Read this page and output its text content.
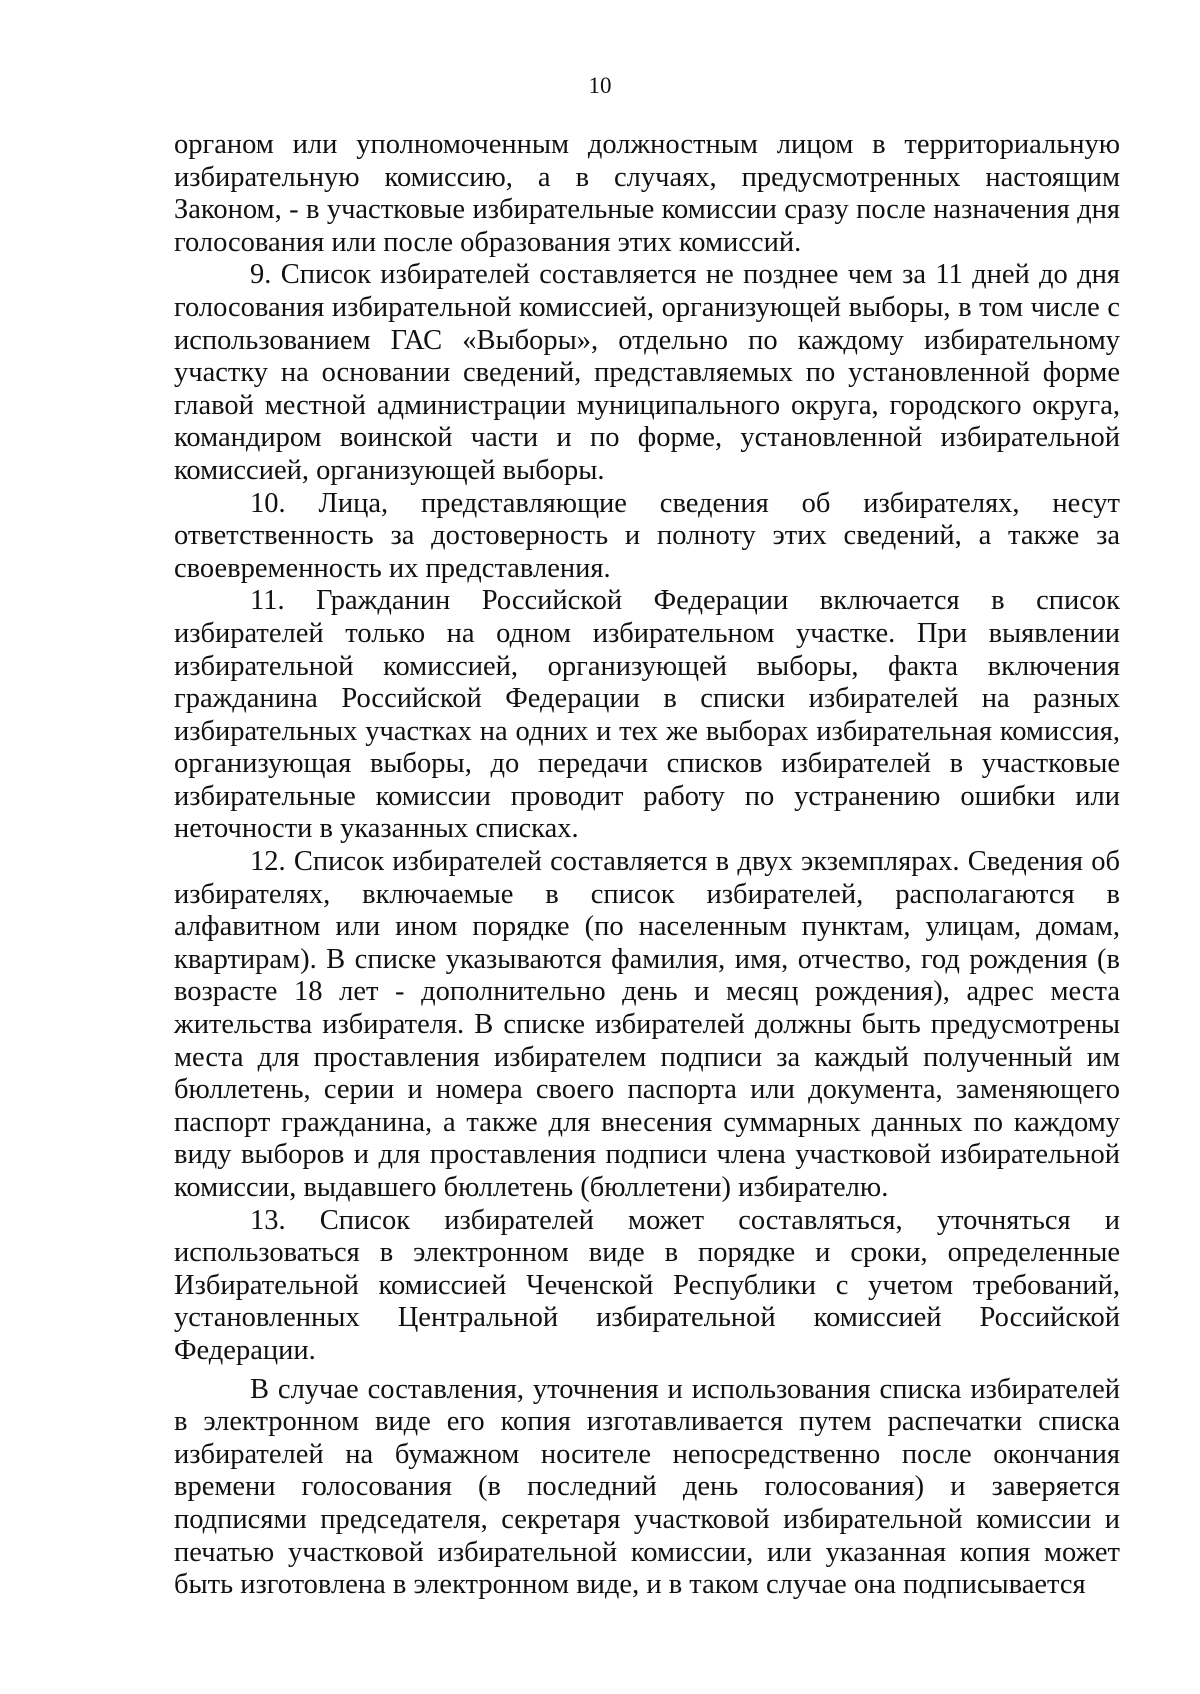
10

органом или уполномоченным должностным лицом в территориальную избирательную комиссию, а в случаях, предусмотренных настоящим Законом, - в участковые избирательные комиссии сразу после назначения дня голосования или после образования этих комиссий.

9. Список избирателей составляется не позднее чем за 11 дней до дня голосования избирательной комиссией, организующей выборы, в том числе с использованием ГАС «Выборы», отдельно по каждому избирательному участку на основании сведений, представляемых по установленной форме главой местной администрации муниципального округа, городского округа, командиром воинской части и по форме, установленной избирательной комиссией, организующей выборы.

10. Лица, представляющие сведения об избирателях, несут ответственность за достоверность и полноту этих сведений, а также за своевременность их представления.

11. Гражданин Российской Федерации включается в список избирателей только на одном избирательном участке. При выявлении избирательной комиссией, организующей выборы, факта включения гражданина Российской Федерации в списки избирателей на разных избирательных участках на одних и тех же выборах избирательная комиссия, организующая выборы, до передачи списков избирателей в участковые избирательные комиссии проводит работу по устранению ошибки или неточности в указанных списках.

12. Список избирателей составляется в двух экземплярах. Сведения об избирателях, включаемые в список избирателей, располагаются в алфавитном или ином порядке (по населенным пунктам, улицам, домам, квартирам). В списке указываются фамилия, имя, отчество, год рождения (в возрасте 18 лет - дополнительно день и месяц рождения), адрес места жительства избирателя. В списке избирателей должны быть предусмотрены места для проставления избирателем подписи за каждый полученный им бюллетень, серии и номера своего паспорта или документа, заменяющего паспорт гражданина, а также для внесения суммарных данных по каждому виду выборов и для проставления подписи члена участковой избирательной комиссии, выдавшего бюллетень (бюллетени) избирателю.

13. Список избирателей может составляться, уточняться и использоваться в электронном виде в порядке и сроки, определенные Избирательной комиссией Чеченской Республики с учетом требований, установленных Центральной избирательной комиссией Российской Федерации.

В случае составления, уточнения и использования списка избирателей в электронном виде его копия изготавливается путем распечатки списка избирателей на бумажном носителе непосредственно после окончания времени голосования (в последний день голосования) и заверяется подписями председателя, секретаря участковой избирательной комиссии и печатью участковой избирательной комиссии, или указанная копия может быть изготовлена в электронном виде, и в таком случае она подписывается
